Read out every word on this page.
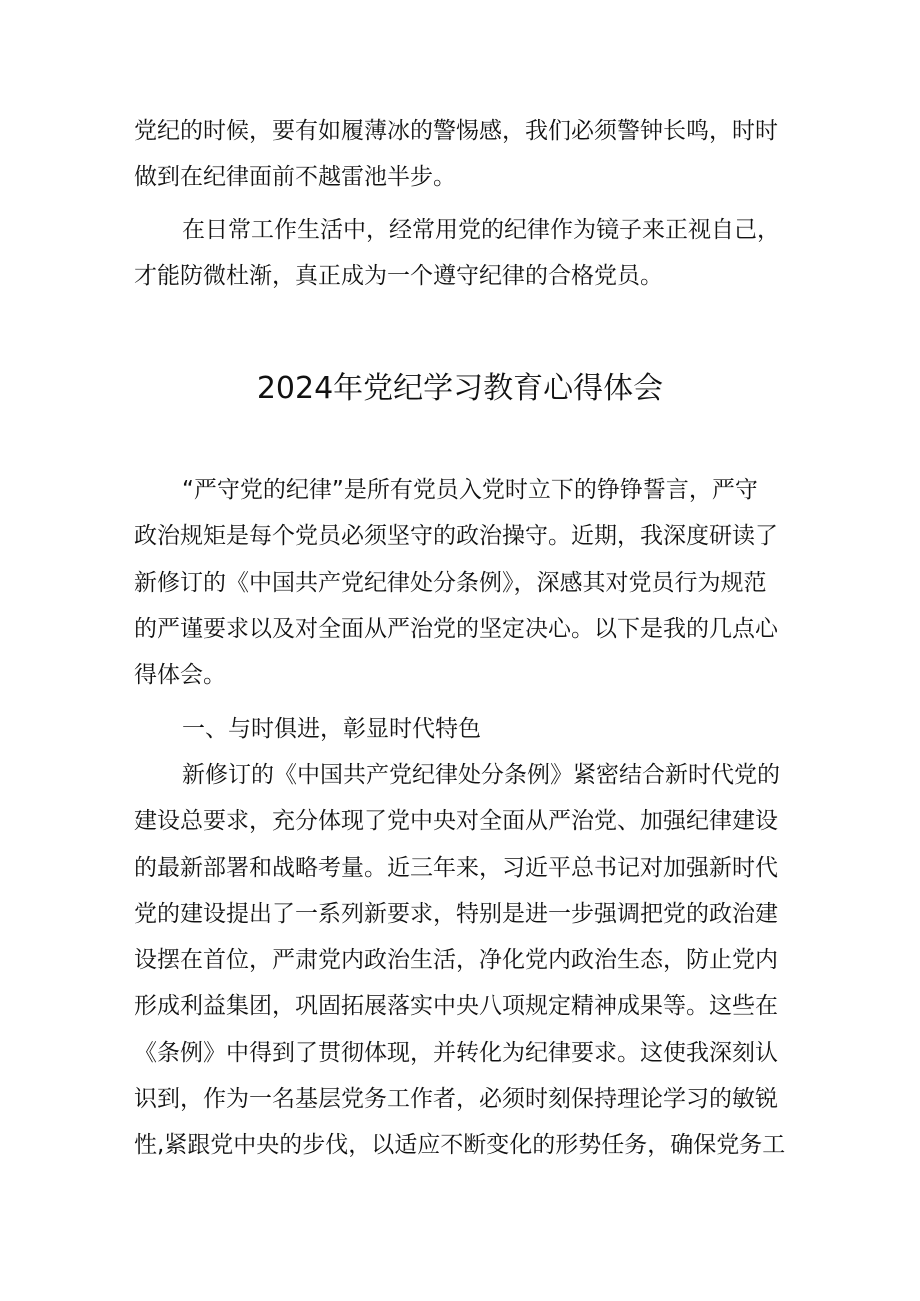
党纪的时候，要有如履薄冰的警惕感，我们必须警钟长鸣，时时
做到在纪律面前不越雷池半步。
在日常工作生活中，经常用党的纪律作为镜子来正视自己，
才能防微杜渐，真正成为一个遵守纪律的合格党员。
2024年党纪学习教育心得体会
“严守党的纪律”是所有党员入党时立下的铮铮誓言，严守
政治规矩是每个党员必须坚守的政治操守。近期，我深度研读了
新修订的《中国共产党纪律处分条例》，深感其对党员行为规范
的严谨要求以及对全面从严治党的坚定决心。以下是我的几点心
得体会。
一、与时俱进，彰显时代特色
新修订的《中国共产党纪律处分条例》紧密结合新时代党的
建设总要求，充分体现了党中央对全面从严治党、加强纪律建设
的最新部署和战略考量。近三年来，习近平总书记对加强新时代
党的建设提出了一系列新要求，特别是进一步强调把党的政治建
设摆在首位，严肃党内政治生活，净化党内政治生态，防止党内
形成利益集团，巩固拓展落实中央八项规定精神成果等。这些在
《条例》中得到了贯彻体现，并转化为纪律要求。这使我深刻认
识到，作为一名基层党务工作者，必须时刻保持理论学习的敏锐
性,紧跟党中央的步伐，以适应不断变化的形势任务，确保党务工
